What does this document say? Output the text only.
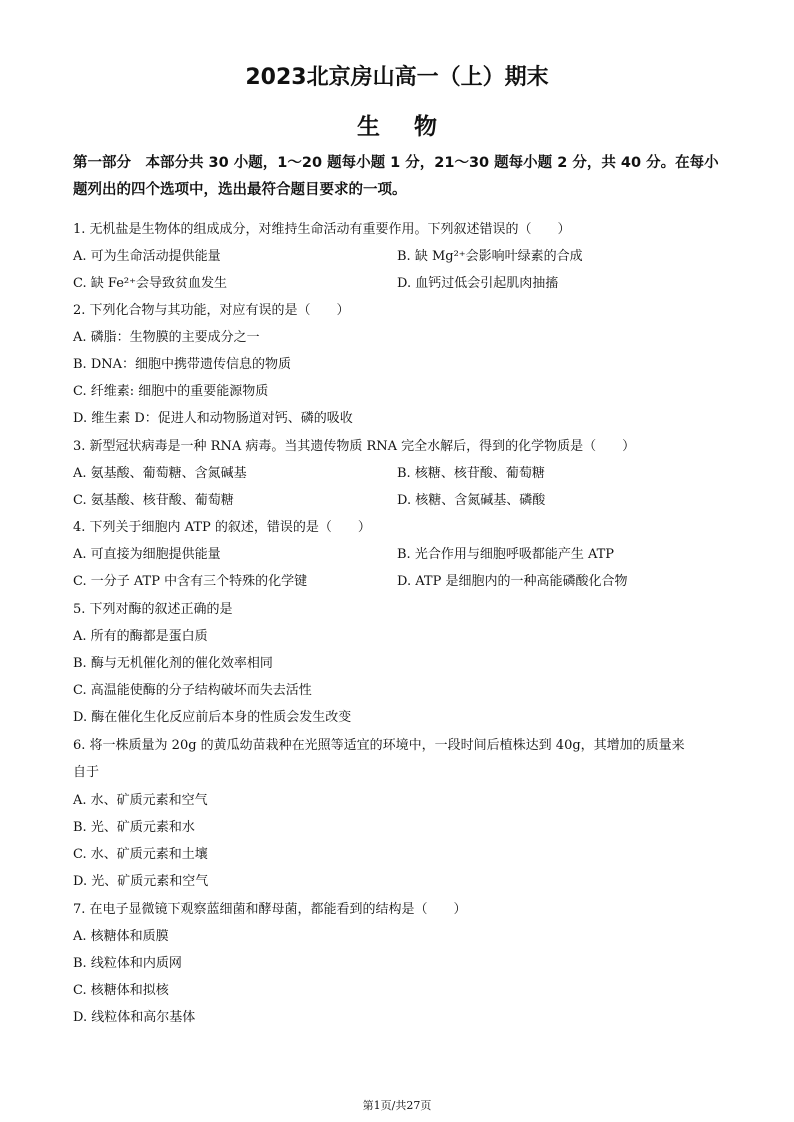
2023北京房山高一（上）期末
生物
第一部分　本部分共 30 小题，1～20 题每小题 1 分，21～30 题每小题 2 分，共 40 分。在每小 题列出的四个选项中，选出最符合题目要求的一项。
1. 无机盐是生物体的组成成分，对维持生命活动有重要作用。下列叙述错误的（　　）
A. 可为生命活动提供能量	B. 缺 Mg²⁺会影响叶绿素的合成
C. 缺 Fe²⁺会导致贫血发生	D. 血钙过低会引起肌肉抽搐
2. 下列化合物与其功能，对应有误的是（　　）
A. 磷脂：生物膜的主要成分之一
B. DNA：细胞中携带遗传信息的物质
C. 纤维素: 细胞中的重要能源物质
D. 维生素 D：促进人和动物肠道对钙、磷的吸收
3. 新型冠状病毒是一种 RNA 病毒。当其遗传物质 RNA 完全水解后，得到的化学物质是（　　）
A. 氨基酸、葡萄糖、含氮碱基	B. 核糖、核苷酸、葡萄糖
C. 氨基酸、核苷酸、葡萄糖	D. 核糖、含氮碱基、磷酸
4. 下列关于细胞内 ATP 的叙述，错误的是（　　）
A. 可直接为细胞提供能量	B. 光合作用与细胞呼吸都能产生 ATP
C. 一分子 ATP 中含有三个特殊的化学键	D. ATP 是细胞内的一种高能磷酸化合物
5. 下列对酶的叙述正确的是
A. 所有的酶都是蛋白质
B. 酶与无机催化剂的催化效率相同
C. 高温能使酶的分子结构破坏而失去活性
D. 酶在催化生化反应前后本身的性质会发生改变
6. 将一株质量为 20g 的黄瓜幼苗栽种在光照等适宜的环境中，一段时间后植株达到 40g，其增加的质量来
自于
A. 水、矿质元素和空气
B. 光、矿质元素和水
C. 水、矿质元素和土壤
D. 光、矿质元素和空气
7. 在电子显微镜下观察蓝细菌和酵母菌，都能看到的结构是（　　）
A. 核糖体和质膜
B. 线粒体和内质网
C. 核糖体和拟核
D. 线粒体和高尔基体
第1页/共27页
